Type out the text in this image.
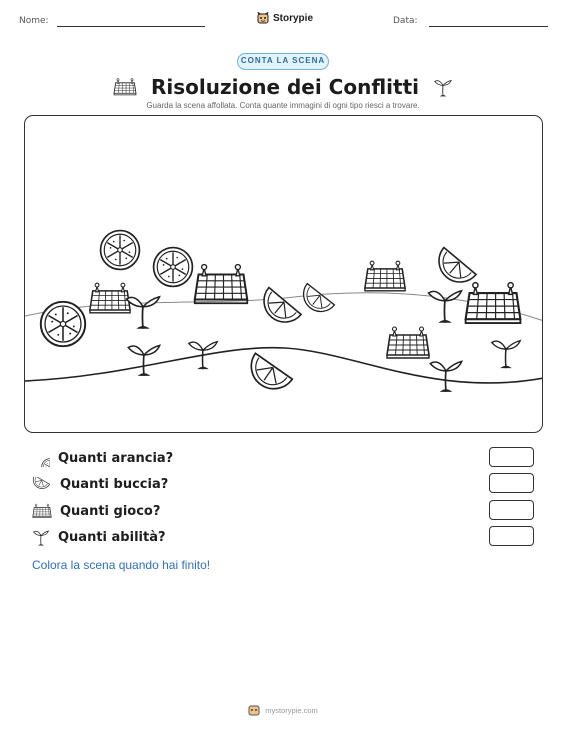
Nome:	Storypie	Data:
CONTA LA SCENA
Risoluzione dei Conflitti
Guarda la scena affollata. Conta quante immagini di ogni tipo riesci a trovare.
Quanti arancia?
Quanti buccia?
Quanti gioco?
Quanti abilità?
Colora la scena quando hai finito!
mystorypie.com
